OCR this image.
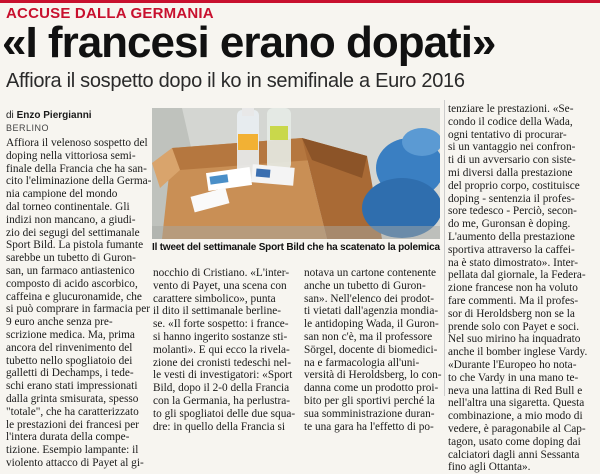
ACCUSE DALLA GERMANIA
«I francesi erano dopati»
Affiora il sospetto dopo il ko in semifinale a Euro 2016
di Enzo Piergianni
BERLINO
Affiora il velenoso sospetto del
doping nella vittoriosa semi-
finale della Francia che ha san-
cito l'eliminazione della Germa-
nia campione del mondo
dal torneo continentale. Gli
indizi non mancano, a giudi-
zio dei segugi del settimanale
Sport Bild. La pistola fumante
sarebbe un tubetto di Guron-
san, un farmaco antiastenico
composto di acido ascorbico,
caffeina e glucuronamide, che
si può comprare in farmacia per
9 euro anche senza pre-
scrizione medica. Ma, prima
ancora del rinvenimento del
tubetto nello spogliatoio dei
galletti di Dechamps, i tede-
schi erano stati impressionati
dalla grinta smisurata, spesso
"totale", che ha caratterizzato
le prestazioni dei francesi per
l'intera durata della compe-
tizione. Esempio lampante: il
violento attacco di Payet al gi-
Il tweet del settimanale Sport Bild che ha scatenato la polemica
nocchio di Cristiano. «L'inter-
vento di Payet, una scena con
carattere simbolico», punta
il dito il settimanale berline-
se. «Il forte sospetto: i france-
si hanno ingerito sostanze sti-
molanti». E qui ecco la rivela-
zione dei cronisti tedeschi nel-
le vesti di investigatori: «Sport
Bild, dopo il 2-0 della Francia
con la Germania, ha perlustra-
to gli spogliatoi delle due squa-
dre: in quello della Francia si
notava un cartone contenente
anche un tubetto di Guron-
san». Nell'elenco dei prodot-
ti vietati dall'agenzia mondia-
le antidoping Wada, il Guron-
san non c'è, ma il professore
Sörgel, docente di biomedici-
na e farmacologia all'uni-
versità di Heroldsberg, lo con-
danna come un prodotto proi-
bito per gli sportivi perché la
sua somministrazione duran-
te una gara ha l'effetto di po-
tenziare le prestazioni. «Se-
condo il codice della Wada,
ogni tentativo di procurar-
si un vantaggio nei confron-
ti di un avversario con siste-
mi diversi dalla prestazione
del proprio corpo, costituisce
doping - sentenzia il profes-
sore tedesco - Perciò, secon-
do me, Guronsan è doping.
L'aumento della prestazione
sportiva attraverso la caffei-
na è stato dimostrato». Inter-
pellata dal giornale, la Federa-
zione francese non ha voluto
fare commenti. Ma il profes-
sor di Heroldsberg non se la
prende solo con Payet e soci.
Nel suo mirino ha inquadrato
anche il bomber inglese Vardy.
«Durante l'Europeo ho nota-
to che Vardy in una mano te-
neva una lattina di Red Bull e
nell'altra una sigaretta. Questa
combinazione, a mio modo di
vedere, è paragonabile al Cap-
tagon, usato come doping dai
calciatori dagli anni Sessanta
fino agli Ottanta».
